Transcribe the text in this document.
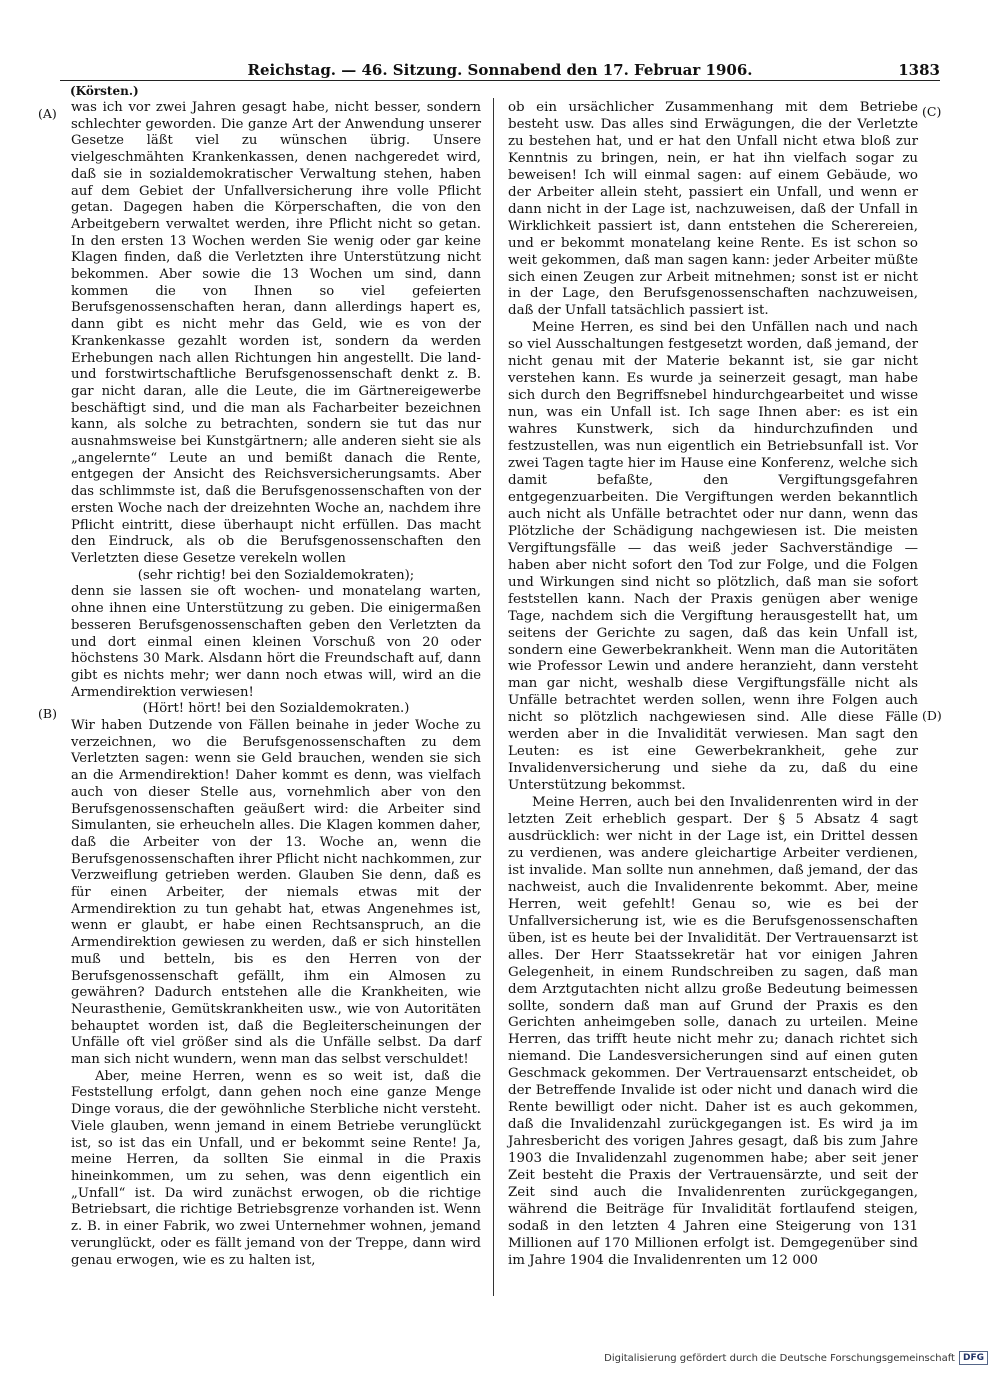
Reichstag. — 46. Sitzung. Sonnabend den 17. Februar 1906.	1383
(Körsten.)
(A)
(B)
(C)
(D)

was ich vor zwei Jahren gesagt habe, nicht besser, sondern schlechter geworden. Die ganze Art der Anwendung unserer Gesetze läßt viel zu wünschen übrig. Unsere vielgeschmähten Krankenkassen, denen nachgeredet wird, daß sie in sozialdemokratischer Verwaltung stehen, haben auf dem Gebiet der Unfallversicherung ihre volle Pflicht getan. Dagegen haben die Körperschaften, die von den Arbeitgebern verwaltet werden, ihre Pflicht nicht so getan. In den ersten 13 Wochen werden Sie wenig oder gar keine Klagen finden, daß die Verletzten ihre Unterstützung nicht bekommen. Aber sowie die 13 Wochen um sind, dann kommen die von Ihnen so viel gefeierten Berufsgenossenschaften heran, dann allerdings hapert es, dann gibt es nicht mehr das Geld, wie es von der Krankenkasse gezahlt worden ist, sondern da werden Erhebungen nach allen Richtungen hin angestellt. Die land- und forstwirtschaftliche Berufsgenossenschaft denkt z. B. gar nicht daran, alle die Leute, die im Gärtnereigewerbe beschäftigt sind, und die man als Facharbeiter bezeichnen kann, als solche zu betrachten, sondern sie tut das nur ausnahmsweise bei Kunstgärtnern; alle anderen sieht sie als „angelernte“ Leute an und bemißt danach die Rente, entgegen der Ansicht des Reichsversicherungsamts. Aber das schlimmste ist, daß die Berufsgenossenschaften von der ersten Woche nach der dreizehnten Woche an, nachdem ihre Pflicht eintritt, diese überhaupt nicht erfüllen. Das macht den Eindruck, als ob die Berufsgenossenschaften den Verletzten diese Gesetze verekeln wollen

(sehr richtig! bei den Sozialdemokraten);

denn sie lassen sie oft wochen- und monatelang warten, ohne ihnen eine Unterstützung zu geben. Die einigermaßen besseren Berufsgenossenschaften geben den Verletzten da und dort einmal einen kleinen Vorschuß von 20 oder höchstens 30 Mark. Alsdann hört die Freundschaft auf, dann gibt es nichts mehr; wer dann noch etwas will, wird an die Armendirektion verwiesen!

(Hört! hört! bei den Sozialdemokraten.)

Wir haben Dutzende von Fällen beinahe in jeder Woche zu verzeichnen, wo die Berufsgenossenschaften zu dem Verletzten sagen: wenn sie Geld brauchen, wenden sie sich an die Armendirektion! Daher kommt es denn, was vielfach auch von dieser Stelle aus, vornehmlich aber von den Berufsgenossenschaften geäußert wird: die Arbeiter sind Simulanten, sie erheucheln alles. Die Klagen kommen daher, daß die Arbeiter von der 13. Woche an, wenn die Berufsgenossenschaften ihrer Pflicht nicht nachkommen, zur Verzweiflung getrieben werden. Glauben Sie denn, daß es für einen Arbeiter, der niemals etwas mit der Armendirektion zu tun gehabt hat, etwas Angenehmes ist, wenn er glaubt, er habe einen Rechtsanspruch, an die Armendirektion gewiesen zu werden, daß er sich hinstellen muß und betteln, bis es den Herren von der Berufsgenossenschaft gefällt, ihm ein Almosen zu gewähren? Dadurch entstehen alle die Krankheiten, wie Neurasthenie, Gemütskrankheiten usw., wie von Autoritäten behauptet worden ist, daß die Begleiterscheinungen der Unfälle oft viel größer sind als die Unfälle selbst. Da darf man sich nicht wundern, wenn man das selbst verschuldet!

Aber, meine Herren, wenn es so weit ist, daß die Feststellung erfolgt, dann gehen noch eine ganze Menge Dinge voraus, die der gewöhnliche Sterbliche nicht versteht. Viele glauben, wenn jemand in einem Betriebe verunglückt ist, so ist das ein Unfall, und er bekommt seine Rente! Ja, meine Herren, da sollten Sie einmal in die Praxis hineinkommen, um zu sehen, was denn eigentlich ein „Unfall“ ist. Da wird zunächst erwogen, ob die richtige Betriebsart, die richtige Betriebsgrenze vorhanden ist. Wenn z. B. in einer Fabrik, wo zwei Unternehmer wohnen, jemand verunglückt, oder es fällt jemand von der Treppe, dann wird genau erwogen, wie es zu halten ist,

ob ein ursächlicher Zusammenhang mit dem Betriebe besteht usw. Das alles sind Erwägungen, die der Verletzte zu bestehen hat, und er hat den Unfall nicht etwa bloß zur Kenntnis zu bringen, nein, er hat ihn vielfach sogar zu beweisen! Ich will einmal sagen: auf einem Gebäude, wo der Arbeiter allein steht, passiert ein Unfall, und wenn er dann nicht in der Lage ist, nachzuweisen, daß der Unfall in Wirklichkeit passiert ist, dann entstehen die Scherereien, und er bekommt monatelang keine Rente. Es ist schon so weit gekommen, daß man sagen kann: jeder Arbeiter müßte sich einen Zeugen zur Arbeit mitnehmen; sonst ist er nicht in der Lage, den Berufsgenossenschaften nachzuweisen, daß der Unfall tatsächlich passiert ist.

Meine Herren, es sind bei den Unfällen nach und nach so viel Ausschaltungen festgesetzt worden, daß jemand, der nicht genau mit der Materie bekannt ist, sie gar nicht verstehen kann. Es wurde ja seinerzeit gesagt, man habe sich durch den Begriffsnebel hindurchgearbeitet und wisse nun, was ein Unfall ist. Ich sage Ihnen aber: es ist ein wahres Kunstwerk, sich da hindurchzufinden und festzustellen, was nun eigentlich ein Betriebsunfall ist. Vor zwei Tagen tagte hier im Hause eine Konferenz, welche sich damit befaßte, den Vergiftungsgefahren entgegenzuarbeiten. Die Vergiftungen werden bekanntlich auch nicht als Unfälle betrachtet oder nur dann, wenn das Plötzliche der Schädigung nachgewiesen ist. Die meisten Vergiftungsfälle — das weiß jeder Sachverständige — haben aber nicht sofort den Tod zur Folge, und die Folgen und Wirkungen sind nicht so plötzlich, daß man sie sofort feststellen kann. Nach der Praxis genügen aber wenige Tage, nachdem sich die Vergiftung herausgestellt hat, um seitens der Gerichte zu sagen, daß das kein Unfall ist, sondern eine Gewerbekrankheit. Wenn man die Autoritäten wie Professor Lewin und andere heranzieht, dann versteht man gar nicht, weshalb diese Vergiftungsfälle nicht als Unfälle betrachtet werden sollen, wenn ihre Folgen auch nicht so plötzlich nachgewiesen sind. Alle diese Fälle werden aber in die Invalidität verwiesen. Man sagt den Leuten: es ist eine Gewerbekrankheit, gehe zur Invalidenversicherung und siehe da zu, daß du eine Unterstützung bekommst.

Meine Herren, auch bei den Invalidenrenten wird in der letzten Zeit erheblich gespart. Der § 5 Absatz 4 sagt ausdrücklich: wer nicht in der Lage ist, ein Drittel dessen zu verdienen, was andere gleichartige Arbeiter verdienen, ist invalide. Man sollte nun annehmen, daß jemand, der das nachweist, auch die Invalidenrente bekommt. Aber, meine Herren, weit gefehlt! Genau so, wie es bei der Unfallversicherung ist, wie es die Berufsgenossenschaften üben, ist es heute bei der Invalidität. Der Vertrauensarzt ist alles. Der Herr Staatssekretär hat vor einigen Jahren Gelegenheit, in einem Rundschreiben zu sagen, daß man dem Arztgutachten nicht allzu große Bedeutung beimessen sollte, sondern daß man auf Grund der Praxis es den Gerichten anheimgeben solle, danach zu urteilen. Meine Herren, das trifft heute nicht mehr zu; danach richtet sich niemand. Die Landesversicherungen sind auf einen guten Geschmack gekommen. Der Vertrauensarzt entscheidet, ob der Betreffende Invalide ist oder nicht und danach wird die Rente bewilligt oder nicht. Daher ist es auch gekommen, daß die Invalidenzahl zurückgegangen ist. Es wird ja im Jahresbericht des vorigen Jahres gesagt, daß bis zum Jahre 1903 die Invalidenzahl zugenommen habe; aber seit jener Zeit besteht die Praxis der Vertrauensärzte, und seit der Zeit sind auch die Invalidenrenten zurückgegangen, während die Beiträge für Invalidität fortlaufend steigen, sodaß in den letzten 4 Jahren eine Steigerung von 131 Millionen auf 170 Millionen erfolgt ist. Demgegenüber sind im Jahre 1904 die Invalidenrenten um 12 000

Digitalisierung gefördert durch die Deutsche Forschungsgemeinschaft DFG
